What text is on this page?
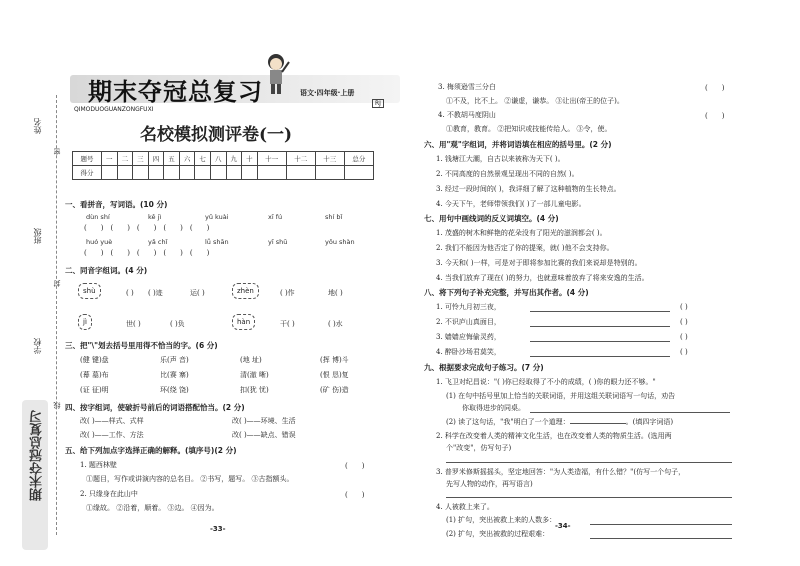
姓名
班级
学校
密
封
线
期末夺冠总复习
期末夺冠总复习	语文·四年级·上册
RJ
QIMODUOGUANZONGFUXI
名校模拟测评卷(一)
题号	一	二	三	四	五	六	七	八	九	十	十一	十二	十三	总分
得分														
一、看拼音，写词语。(10 分)
dùn shí	kě jì	yǔ kuài	xī fú	shí bǐ
(　　)　(　　)　(　　)　(　　)　(　　)
huó yuè	yǎ chǐ	lǚ shān	yī shū	yǒu shàn
(　　)　(　　)　(　　)　(　　)　(　　)
二、同音字组词。(4 分)
shù	( ) ( )迹	运( )	zhèn	( )作	地( )
jì	世( )	( )负	hàn	干( )	( )水
三、把"\"划去括号里用得不恰当的字。(6 分)
(健 键)盘	乐(声 音)	(地 址)	(挥 博)斗
(幕 墓)布	比(赛 寨)	清(澈 晰)	(恨 恳)复
(证 征)明	环(绕 饶)	扣(犹 忧)	(矿 伤)造
四、按字组词，使破折号前后的词语搭配恰当。(2 分)
改( )——样式、式样	改( )——环境、生活
改( )——工作、方法	改( )——缺点、错误
五、给下列加点字选择正确的解释。(填序号)(2 分)
1. 题西林壁	(　　)
①题目，写作或讲演内容的总名目。 ②书写，题写。 ③古指额头。
2. 只缘身在此山中	(　　)
①缘故。 ②沿着，顺着。 ③边。 ④因为。
-33-
3. 梅须逊雪三分白	(　　)
①不及，比不上。 ②谦虚，谦恭。 ③让出(帝王的位子)。
4. 不教胡马度阴山	(　　)
①教育，教育。 ②把知识或技能传给人。 ③令，使。
六、用"观"字组词，并将词语填在相应的括号里。(2 分)
1. 钱塘江大潮，自古以来被称为天下( )。
2. 不同高度的自然景观呈现出不同的自然( )。
3. 经过一段时间的( )，我详细了解了这种植物的生长特点。
4. 今天下午，老师带领我们( )了一部儿童电影。
七、用句中画线词的反义词填空。(4 分)
1. 茂盛的树木和鲜艳的花朵没有了阳光的滋润都会( )。
2. 我们不能因为他否定了你的提案，就( )他不会支持你。
3. 今天和( )一样，可是对于即将参加比赛的我们来说却是特别的。
4. 当我们放弃了现在( )的努力，也就意味着放弃了将来安逸的生活。
八、将下列句子补充完整，并写出其作者。(4 分)
1. 可怜九月初三夜，	( )
2. 不识庐山真面目，	( )
3. 嫱嫱应悔偷灵药，	( )
4. 醉卧沙场君莫笑，	( )
九、根据要求完成句子练习。(7 分)
1. 飞卫对纪昌说："( )你已经取得了不小的成绩，( )你的眼力还不够。"
(1) 在句中括号里加上恰当的关联词语，并用这组关联词语写一句话，劝告
你取得进步的同桌。
(2) 读了这句话，"我"明白了一个道理：	。(填四字词语)
2. 科学在改变着人类的精神文化生活，也在改变着人类的物质生活。(选用两
个"改变"，仿写句子)
3. 普罗米修斯摇摇头，坚定地回答："为人类造福，有什么错？"(仿写一个句子，
先写人物的动作，再写语言)
4. 人被救上来了。
(1) 扩句，突出被救上来的人数多：
(2) 扩句，突出被救的过程艰难：
-34-
